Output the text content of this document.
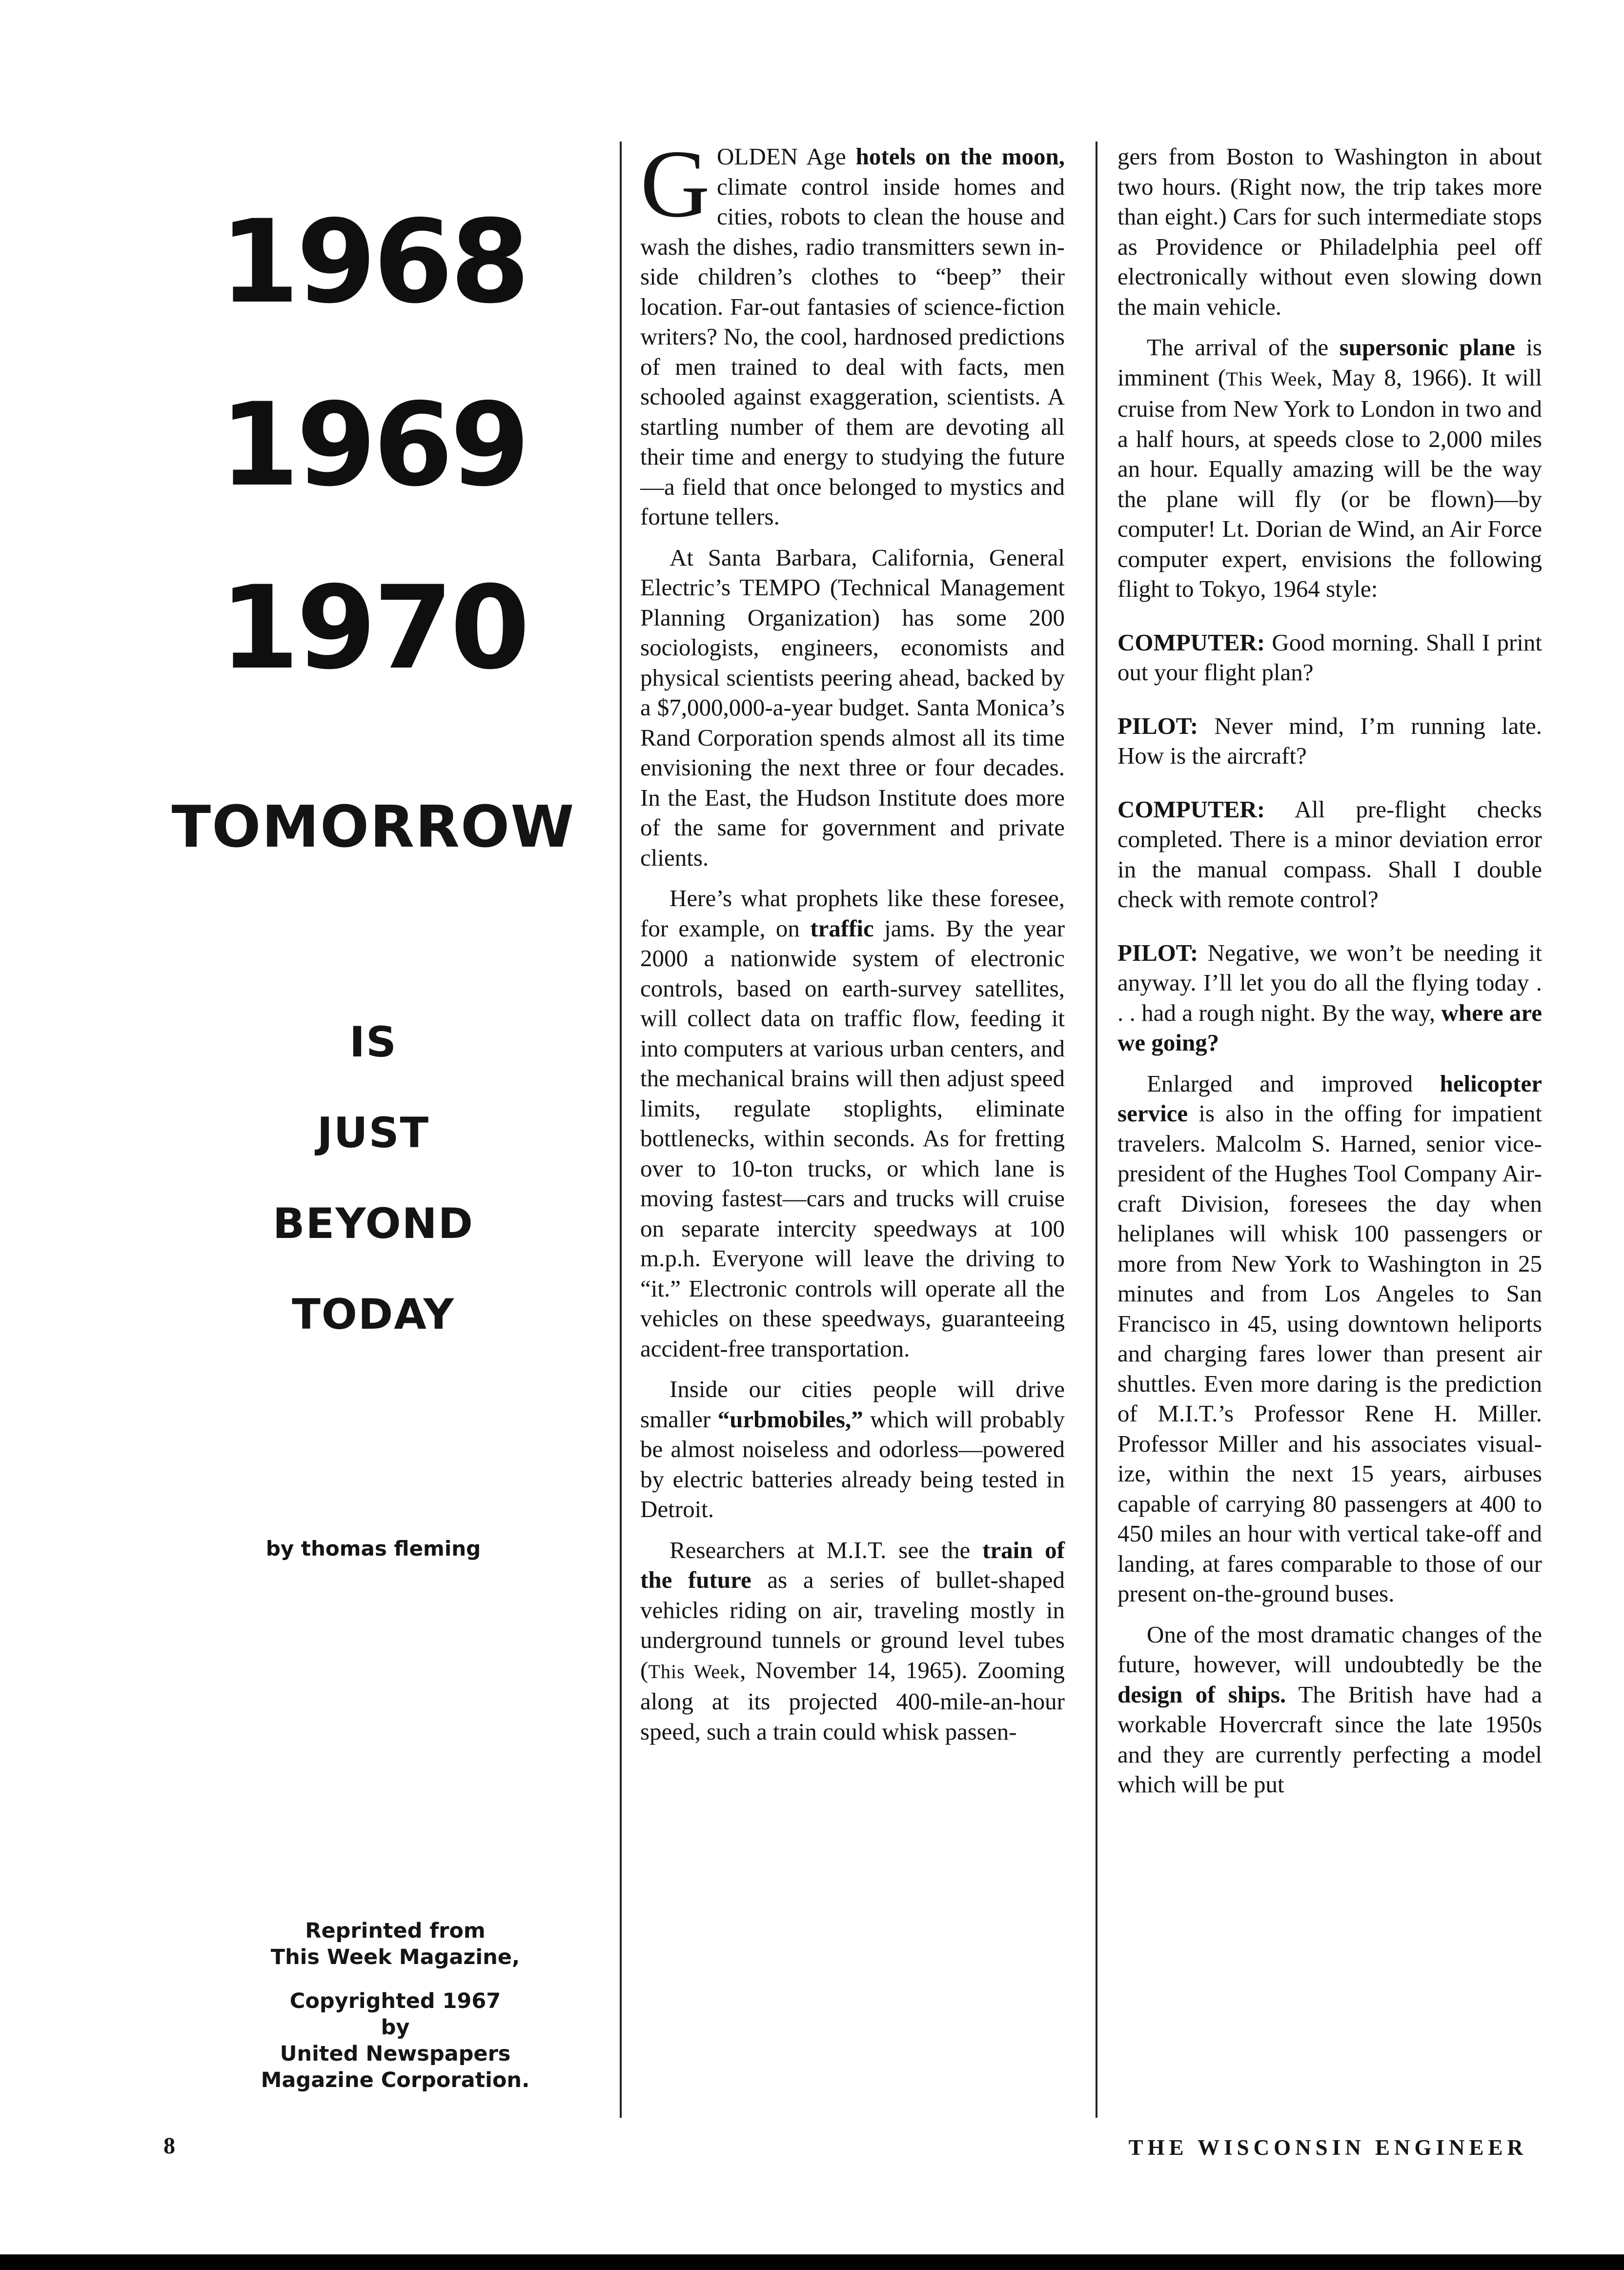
1968
1969
1970
TOMORROW
IS
JUST
BEYOND
TODAY
by thomas fleming
Reprinted from
This Week Magazine,
Copyrighted 1967
by
United Newspapers
Magazine Corporation.

GOLDEN Age hotels on the moon, climate control inside homes and cities, robots to clean the house and wash the dishes, radio transmitters sewn inside children’s clothes to “beep” their location. Far-out fantasies of science-fiction writers? No, the cool, hardnosed predictions of men trained to deal with facts, men schooled against exaggeration, scientists. A startling number of them are devoting all their time and energy to studying the future —a field that once belonged to mystics and fortune tellers.

At Santa Barbara, California, General Electric’s TEMPO (Technical Management Planning Organization) has some 200 sociologists, engineers, economists and physical scientists peering ahead, backed by a $7,000,000-a-year budget. Santa Monica’s Rand Corporation spends almost all its time envisioning the next three or four decades. In the East, the Hudson Institute does more of the same for government and private clients.

Here’s what prophets like these foresee, for example, on traffic jams. By the year 2000 a nationwide system of electronic controls, based on earth-survey satellites, will collect data on traffic flow, feeding it into computers at various urban centers, and the mechanical brains will then adjust speed limits, regulate stoplights, eliminate bottlenecks, within seconds. As for fretting over to 10-ton trucks, or which lane is moving fastest—cars and trucks will cruise on separate intercity speedways at 100 m.p.h. Everyone will leave the driving to “it.” Electronic controls will operate all the vehicles on these speedways, guaranteeing accident-free transportation.

Inside our cities people will drive smaller “urbmobiles,” which will probably be almost noiseless and odorless—powered by electric batteries already being tested in Detroit.

Researchers at M.I.T. see the train of the future as a series of bullet-shaped vehicles riding on air, traveling mostly in underground tunnels or ground level tubes (This Week, November 14, 1965). Zooming along at its projected 400-mile-an-hour speed, such a train could whisk passen-

gers from Boston to Washington in about two hours. (Right now, the trip takes more than eight.) Cars for such intermediate stops as Providence or Philadelphia peel off electronically without even slowing down the main vehicle.

The arrival of the supersonic plane is imminent (This Week, May 8, 1966). It will cruise from New York to London in two and a half hours, at speeds close to 2,000 miles an hour. Equally amazing will be the way the plane will fly (or be flown)—by computer! Lt. Dorian de Wind, an Air Force computer expert, envisions the following flight to Tokyo, 1964 style:

COMPUTER: Good morning. Shall I print out your flight plan?

PILOT: Never mind, I’m running late. How is the aircraft?

COMPUTER: All pre-flight checks completed. There is a minor deviation error in the manual compass. Shall I double check with remote control?

PILOT: Negative, we won’t be needing it anyway. I’ll let you do all the flying today . . . had a rough night. By the way, where are we going?

Enlarged and improved helicopter service is also in the offing for impatient travelers. Malcolm S. Harned, senior vice-president of the Hughes Tool Company Aircraft Division, foresees the day when heliplanes will whisk 100 passengers or more from New York to Washington in 25 minutes and from Los Angeles to San Francisco in 45, using downtown heliports and charging fares lower than present air shuttles. Even more daring is the prediction of M.I.T.’s Professor Rene H. Miller. Professor Miller and his associates visualize, within the next 15 years, airbuses capable of carrying 80 passengers at 400 to 450 miles an hour with vertical take-off and landing, at fares comparable to those of our present on-the-ground buses.

One of the most dramatic changes of the future, however, will undoubtedly be the design of ships. The British have had a workable Hovercraft since the late 1950s and they are currently perfecting a model which will be put

8	THE WISCONSIN ENGINEER
